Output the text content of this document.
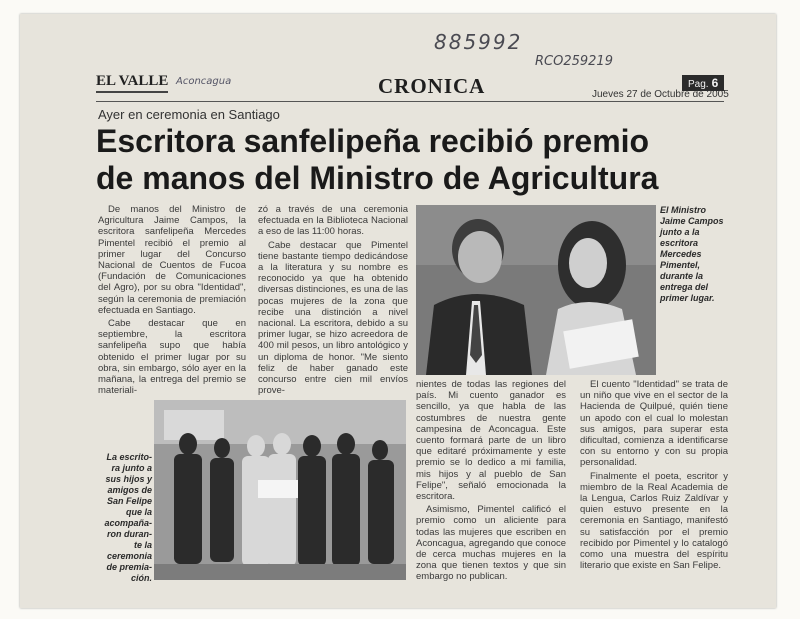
885992
RCO259219
EL VALLE Aconcagua	CRONICA	Pag. 6
Jueves 27 de Octubre de 2005
Ayer en ceremonia en Santiago
Escritora sanfelipeña recibió premio
de manos del Ministro de Agricultura

De manos del Ministro de Agricultura Jaime Campos, la escritora sanfelipeña Mercedes Pimentel recibió el premio al primer lugar del Concurso Nacional de Cuentos de Fucoa (Fundación de Comunicaciones del Agro), por su obra "Identidad", según la ceremonia de premiación efectuada en Santiago.

Cabe destacar que en septiembre, la escritora sanfelipeña supo que había obtenido el primer lugar por su obra, sin embargo, sólo ayer en la mañana, la entrega del premio se materiali-

zó a través de una ceremonia efectuada en la Biblioteca Nacional a eso de las 11:00 horas.

Cabe destacar que Pimentel tiene bastante tiempo dedicándose a la literatura y su nombre es reconocido ya que ha obtenido diversas distinciones, es una de las pocas mujeres de la zona que recibe una distinción a nivel nacional. La escritora, debido a su primer lugar, se hizo acreedora de 400 mil pesos, un libro antológico y un diploma de honor. "Me siento feliz de haber ganado este concurso entre cien mil envíos prove-

nientes de todas las regiones del país. Mi cuento ganador es sencillo, ya que habla de las costumbres de nuestra gente campesina de Aconcagua. Este cuento formará parte de un libro que editaré próximamente y este premio se lo dedico a mi familia, mis hijos y al pueblo de San Felipe", señaló emocionada la escritora.

Asimismo, Pimentel calificó el premio como un aliciente para todas las mujeres que escriben en Aconcagua, agregando que conoce de cerca muchas mujeres en la zona que tienen textos y que sin embargo no publican.

El cuento "Identidad" se trata de un niño que vive en el sector de la Hacienda de Quilpué, quién tiene un apodo con el cual lo molestan sus amigos, para superar esta dificultad, comienza a identificarse con su entorno y con su propia personalidad.

Finalmente el poeta, escritor y miembro de la Real Academia de la Lengua, Carlos Ruiz Zaldívar y quien estuvo presente en la ceremonia en Santiago, manifestó su satisfacción por el premio recibido por Pimentel y lo catalogó como una muestra del espíritu literario que existe en San Felipe.

El Ministro
Jaime Campos
junto a la
escritora
Mercedes
Pimentel,
durante la
entrega del
primer lugar.
La escrito-
ra junto a
sus hijos y
amigos de
San Felipe
que la
acompaña-
ron duran-
te la
ceremonia
de premia-
ción.
